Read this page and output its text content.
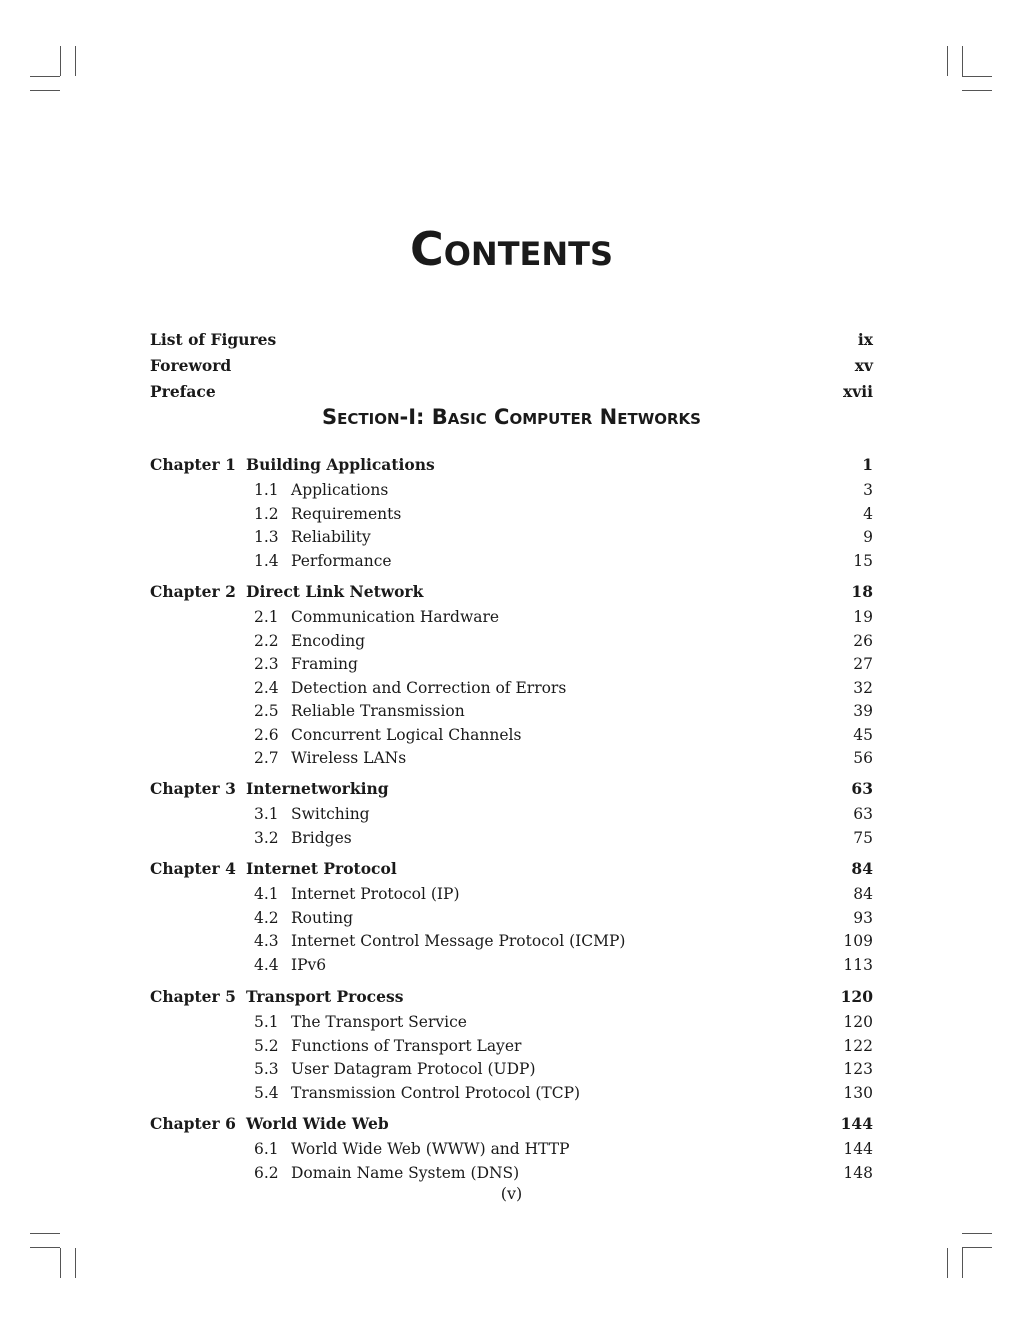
Contents
List of Figures	ix
Foreword	xv
Preface	xvii
Section-I: Basic Computer Networks
Chapter 1 Building Applications	1
1.1 Applications	3
1.2 Requirements	4
1.3 Reliability	9
1.4 Performance	15
Chapter 2 Direct Link Network	18
2.1 Communication Hardware	19
2.2 Encoding	26
2.3 Framing	27
2.4 Detection and Correction of Errors	32
2.5 Reliable Transmission	39
2.6 Concurrent Logical Channels	45
2.7 Wireless LANs	56
Chapter 3 Internetworking	63
3.1 Switching	63
3.2 Bridges	75
Chapter 4 Internet Protocol	84
4.1 Internet Protocol (IP)	84
4.2 Routing	93
4.3 Internet Control Message Protocol (ICMP)	109
4.4 IPv6	113
Chapter 5 Transport Process	120
5.1 The Transport Service	120
5.2 Functions of Transport Layer	122
5.3 User Datagram Protocol (UDP)	123
5.4 Transmission Control Protocol (TCP)	130
Chapter 6 World Wide Web	144
6.1 World Wide Web (WWW) and HTTP	144
6.2 Domain Name System (DNS)	148
(v)
